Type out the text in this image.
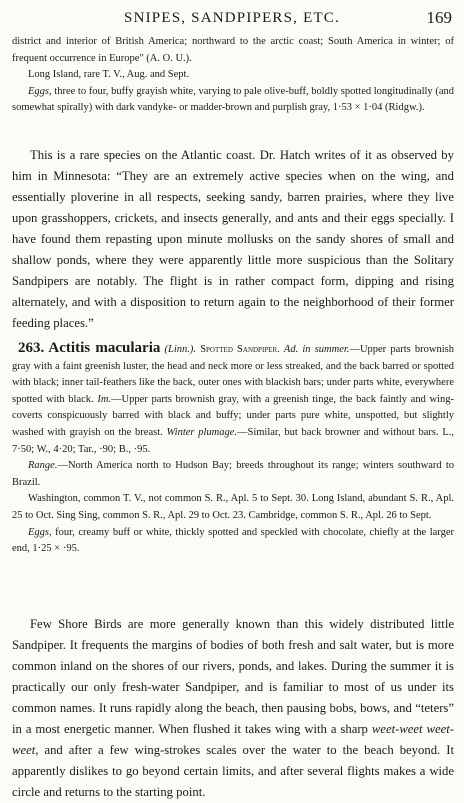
SNIPES, SANDPIPERS, ETC.	169

district and interior of British America; northward to the arctic coast; South America in winter; of frequent occurrence in Europe" (A. O. U.).

Long Island, rare T. V., Aug. and Sept.

Eggs, three to four, buffy grayish white, varying to pale olive-buff, boldly spotted longitudinally (and somewhat spirally) with dark vandyke- or madder-brown and purplish gray, 1·53 × 1·04 (Ridgw.).

This is a rare species on the Atlantic coast. Dr. Hatch writes of it as observed by him in Minnesota: “They are an extremely active species when on the wing, and essentially ploverine in all respects, seeking sandy, barren prairies, where they live upon grasshoppers, crickets, and insects generally, and ants and their eggs specially. I have found them repasting upon minute mollusks on the sandy shores of small and shallow ponds, where they were apparently little more suspicious than the Solitary Sandpipers are notably. The flight is in rather compact form, dipping and rising alternately, and with a disposition to return again to the neighborhood of their former feeding places.”

263. Actitis macularia (Linn.). Spotted Sandpiper. Ad. in summer.—Upper parts brownish gray with a faint greenish luster, the head and neck more or less streaked, and the back barred or spotted with black; inner tail-feathers like the back, outer ones with blackish bars; under parts white, everywhere spotted with black. Im.—Upper parts brownish gray, with a greenish tinge, the back faintly and wing-coverts conspicuously barred with black and buffy; under parts pure white, unspotted, but slightly washed with grayish on the breast. Winter plumage.—Similar, but back browner and without bars. L., 7·50; W., 4·20; Tar., ·90; B., ·95.

Range.—North America north to Hudson Bay; breeds throughout its range; winters southward to Brazil.

Washington, common T. V., not common S. R., Apl. 5 to Sept. 30. Long Island, abundant S. R., Apl. 25 to Oct. Sing Sing, common S. R., Apl. 29 to Oct. 23. Cambridge, common S. R., Apl. 26 to Sept.

Eggs, four, creamy buff or white, thickly spotted and speckled with chocolate, chiefly at the larger end, 1·25 × ·95.

Few Shore Birds are more generally known than this widely distributed little Sandpiper. It frequents the margins of bodies of both fresh and salt water, but is more common inland on the shores of our rivers, ponds, and lakes. During the summer it is practically our only fresh-water Sandpiper, and is familiar to most of us under its common names. It runs rapidly along the beach, then pausing bobs, bows, and “teters” in a most energetic manner. When flushed it takes wing with a sharp weet-weet weet-weet, and after a few wing-strokes scales over the water to the beach beyond. It apparently dislikes to go beyond certain limits, and after several flights makes a wide circle and returns to the starting point.
